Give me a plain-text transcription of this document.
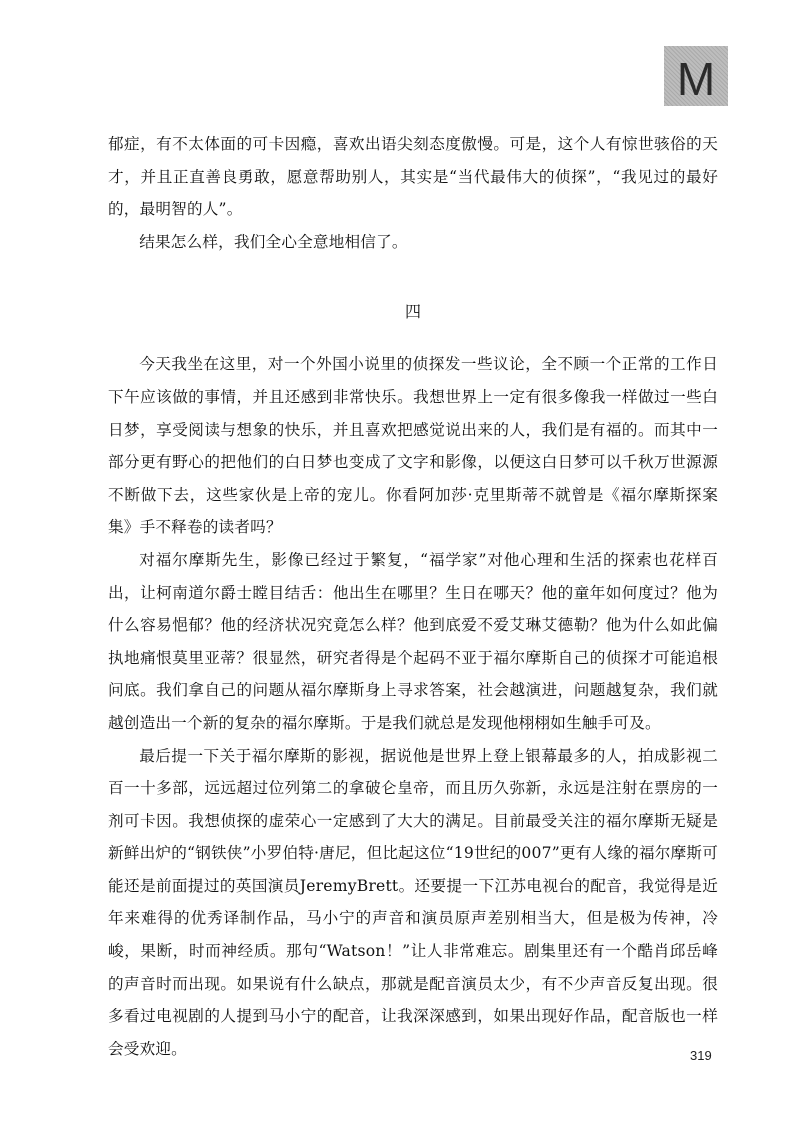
M

郁症，有不太体面的可卡因瘾，喜欢出语尖刻态度傲慢。可是，这个人有惊世骇俗的天才，并且正直善良勇敢，愿意帮助别人，其实是“当代最伟大的侦探”，“我见过的最好的，最明智的人”。

结果怎么样，我们全心全意地相信了。

四

今天我坐在这里，对一个外国小说里的侦探发一些议论，全不顾一个正常的工作日下午应该做的事情，并且还感到非常快乐。我想世界上一定有很多像我一样做过一些白日梦，享受阅读与想象的快乐，并且喜欢把感觉说出来的人，我们是有福的。而其中一部分更有野心的把他们的白日梦也变成了文字和影像，以便这白日梦可以千秋万世源源不断做下去，这些家伙是上帝的宠儿。你看阿加莎·克里斯蒂不就曾是《福尔摩斯探案集》手不释卷的读者吗？

对福尔摩斯先生，影像已经过于繁复，“福学家”对他心理和生活的探索也花样百出，让柯南道尔爵士瞠目结舌：他出生在哪里？生日在哪天？他的童年如何度过？他为什么容易悒郁？他的经济状况究竟怎么样？他到底爱不爱艾琳艾德勒？他为什么如此偏执地痛恨莫里亚蒂？很显然，研究者得是个起码不亚于福尔摩斯自己的侦探才可能追根问底。我们拿自己的问题从福尔摩斯身上寻求答案，社会越演进，问题越复杂，我们就越创造出一个新的复杂的福尔摩斯。于是我们就总是发现他栩栩如生触手可及。

最后提一下关于福尔摩斯的影视，据说他是世界上登上银幕最多的人，拍成影视二百一十多部，远远超过位列第二的拿破仑皇帝，而且历久弥新，永远是注射在票房的一剂可卡因。我想侦探的虚荣心一定感到了大大的满足。目前最受关注的福尔摩斯无疑是新鲜出炉的“钢铁侠”小罗伯特·唐尼，但比起这位“19世纪的007”更有人缘的福尔摩斯可能还是前面提过的英国演员JeremyBrett。还要提一下江苏电视台的配音，我觉得是近年来难得的优秀译制作品，马小宁的声音和演员原声差别相当大，但是极为传神，冷峻，果断，时而神经质。那句“Watson！”让人非常难忘。剧集里还有一个酷肖邱岳峰的声音时而出现。如果说有什么缺点，那就是配音演员太少，有不少声音反复出现。很多看过电视剧的人提到马小宁的配音，让我深深感到，如果出现好作品，配音版也一样会受欢迎。	319
